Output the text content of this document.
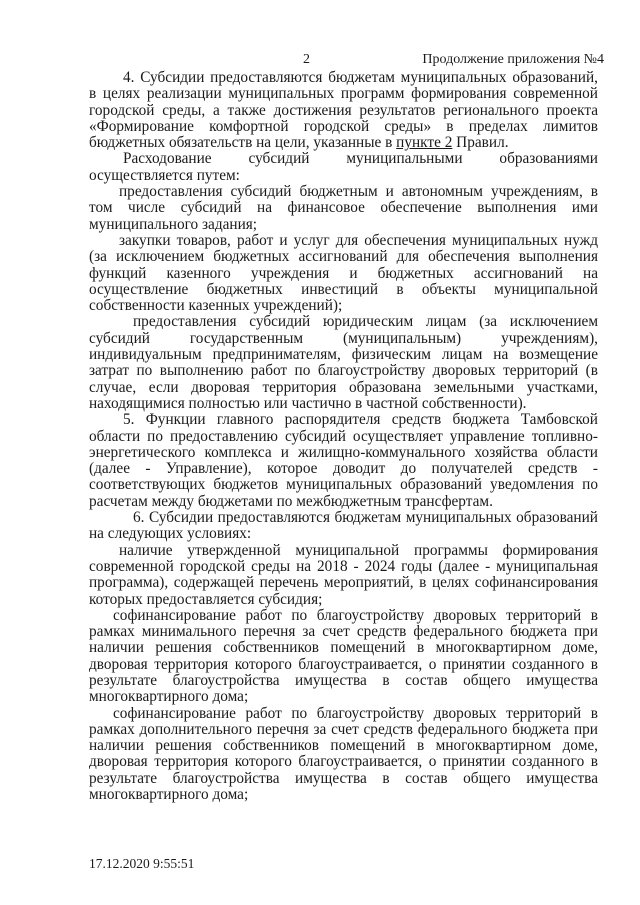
2	Продолжение приложения №4

4. Субсидии предоставляются бюджетам муниципальных образований, в целях реализации муниципальных программ формирования современной городской среды, а также достижения результатов регионального проекта «Формирование комфортной городской среды» в пределах лимитов бюджетных обязательств на цели, указанные в пункте 2 Правил.

Расходование субсидий муниципальными образованиями осуществляется путем:

предоставления субсидий бюджетным и автономным учреждениям, в том числе субсидий на финансовое обеспечение выполнения ими муниципального задания;

закупки товаров, работ и услуг для обеспечения муниципальных нужд (за исключением бюджетных ассигнований для обеспечения выполнения функций казенного учреждения и бюджетных ассигнований на осуществление бюджетных инвестиций в объекты муниципальной собственности казенных учреждений);

предоставления субсидий юридическим лицам (за исключением субсидий государственным (муниципальным) учреждениям), индивидуальным предпринимателям, физическим лицам на возмещение затрат по выполнению работ по благоустройству дворовых территорий (в случае, если дворовая территория образована земельными участками, находящимися полностью или частично в частной собственности).

5. Функции главного распорядителя средств бюджета Тамбовской области по предоставлению субсидий осуществляет управление топливно-энергетического комплекса и жилищно-коммунального хозяйства области (далее - Управление), которое доводит до получателей средств - соответствующих бюджетов муниципальных образований уведомления по расчетам между бюджетами по межбюджетным трансфертам.

6. Субсидии предоставляются бюджетам муниципальных образований на следующих условиях:

наличие утвержденной муниципальной программы формирования современной городской среды на 2018 - 2024 годы (далее - муниципальная программа), содержащей перечень мероприятий, в целях софинансирования которых предоставляется субсидия;

софинансирование работ по благоустройству дворовых территорий в рамках минимального перечня за счет средств федерального бюджета при наличии решения собственников помещений в многоквартирном доме, дворовая территория которого благоустраивается, о принятии созданного в результате благоустройства имущества в состав общего имущества многоквартирного дома;

софинансирование работ по благоустройству дворовых территорий в рамках дополнительного перечня за счет средств федерального бюджета при наличии решения собственников помещений в многоквартирном доме, дворовая территория которого благоустраивается, о принятии созданного в результате благоустройства имущества в состав общего имущества многоквартирного дома;

17.12.2020 9:55:51
